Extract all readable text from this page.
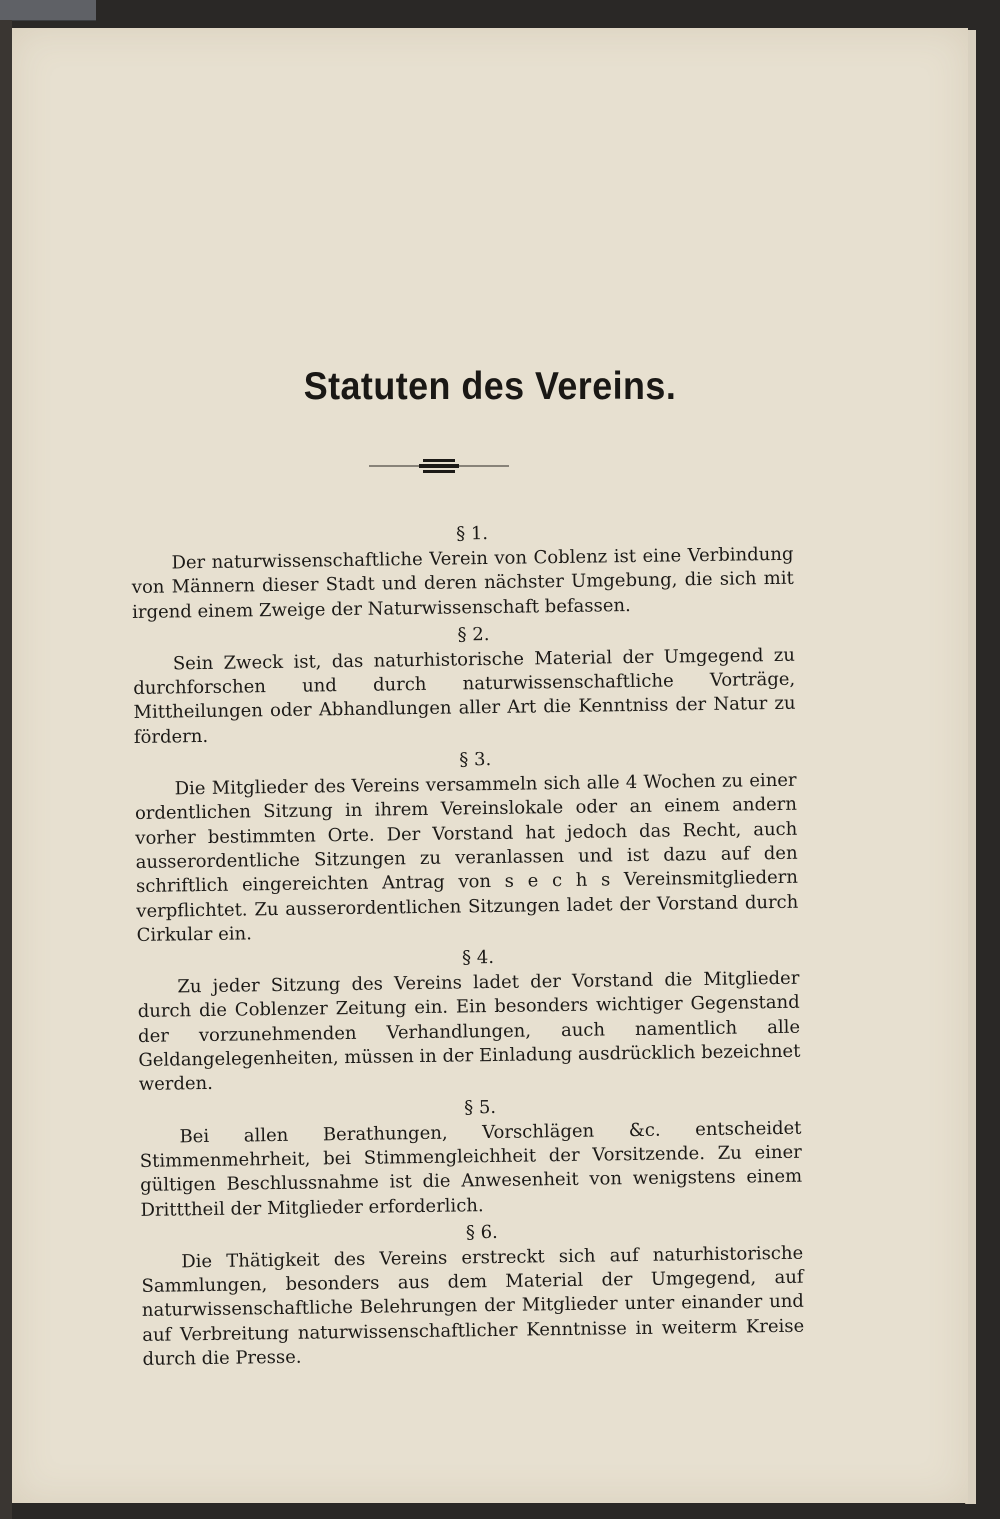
Statuten des Vereins.

§ 1.

Der naturwissenschaftliche Verein von Coblenz ist eine Verbindung von Männern dieser Stadt und deren nächster Umgebung, die sich mit irgend einem Zweige der Naturwissenschaft befassen.

§ 2.

Sein Zweck ist, das naturhistorische Material der Umgegend zu durchforschen und durch naturwissenschaftliche Vorträge, Mittheilungen oder Abhandlungen aller Art die Kenntniss der Natur zu fördern.

§ 3.

Die Mitglieder des Vereins versammeln sich alle 4 Wochen zu einer ordentlichen Sitzung in ihrem Vereinslokale oder an einem andern vorher bestimmten Orte. Der Vorstand hat jedoch das Recht, auch ausserordentliche Sitzungen zu veranlassen und ist dazu auf den schriftlich eingereichten Antrag von s e c h s Vereinsmitgliedern verpflichtet. Zu ausserordentlichen Sitzungen ladet der Vorstand durch Cirkular ein.

§ 4.

Zu jeder Sitzung des Vereins ladet der Vorstand die Mitglieder durch die Coblenzer Zeitung ein. Ein besonders wichtiger Gegenstand der vorzunehmenden Verhandlungen, auch namentlich alle Geldangelegenheiten, müssen in der Einladung ausdrücklich bezeichnet werden.

§ 5.

Bei allen Berathungen, Vorschlägen &c. entscheidet Stimmenmehrheit, bei Stimmengleichheit der Vorsitzende. Zu einer gültigen Beschlussnahme ist die Anwesenheit von wenigstens einem Dritttheil der Mitglieder erforderlich.

§ 6.

Die Thätigkeit des Vereins erstreckt sich auf naturhistorische Sammlungen, besonders aus dem Material der Umgegend, auf naturwissenschaftliche Belehrungen der Mitglieder unter einander und auf Verbreitung naturwissenschaftlicher Kenntnisse in weiterm Kreise durch die Presse.
